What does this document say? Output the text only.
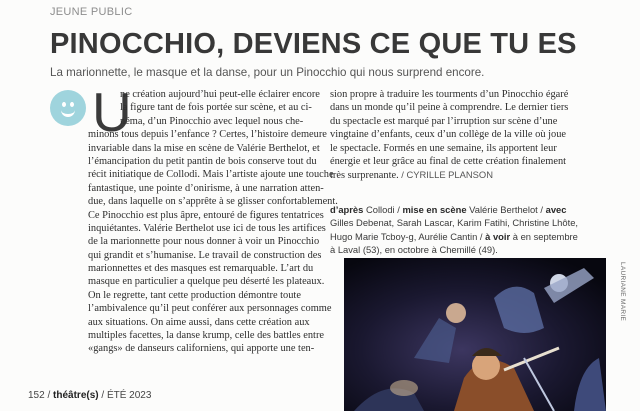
JEUNE PUBLIC
PINOCCHIO, DEVIENS CE QUE TU ES

La marionnette, le masque et la danse, pour un Pinocchio qui nous surprend encore.

U
ne création aujourd’hui peut-elle éclairer encore
la figure tant de fois portée sur scène, et au ci-
néma, d’un Pinocchio avec lequel nous che-
minons tous depuis l’enfance ? Certes, l’histoire demeure
invariable dans la mise en scène de Valérie Berthelot, et
l’émancipation du petit pantin de bois conserve tout du
récit initiatique de Collodi. Mais l’artiste ajoute une touche
fantastique, une pointe d’onirisme, à une narration atten-
due, dans laquelle on s’apprête à se glisser confortablement.
Ce Pinocchio est plus âpre, entouré de figures tentatrices
inquiétantes. Valérie Berthelot use ici de tous les artifices
de la marionnette pour nous donner à voir un Pinocchio
qui grandit et s’humanise. Le travail de construction des
marionnettes et des masques est remarquable. L’art du
masque en particulier a quelque peu déserté les plateaux.
On le regrette, tant cette production démontre toute
l’ambivalence qu’il peut conférer aux personnages comme
aux situations. On aime aussi, dans cette création aux
multiples facettes, la danse krump, celle des battles entre
«gangs» de danseurs californiens, qui apporte une ten-
sion propre à traduire les tourments d’un Pinocchio égaré
dans un monde qu’il peine à comprendre. Le dernier tiers
du spectacle est marqué par l’irruption sur scène d’une
vingtaine d’enfants, ceux d’un collège de la ville où joue
le spectacle. Formés en une semaine, ils apportent leur
énergie et leur grâce au final de cette création finalement
très surprenante. / CYRILLE PLANSON
d’après Collodi / mise en scène Valérie Berthelot / avec
Gilles Debenat, Sarah Lascar, Karim Fatihi, Christine Lhôte,
Hugo Marie Tcboy-g, Aurélie Cantin / à voir à en septembre
à Laval (53), en octobre à Chemillé (49).
LAURIANE MARIE
152 / théâtre(s) / ÉTÉ 2023
